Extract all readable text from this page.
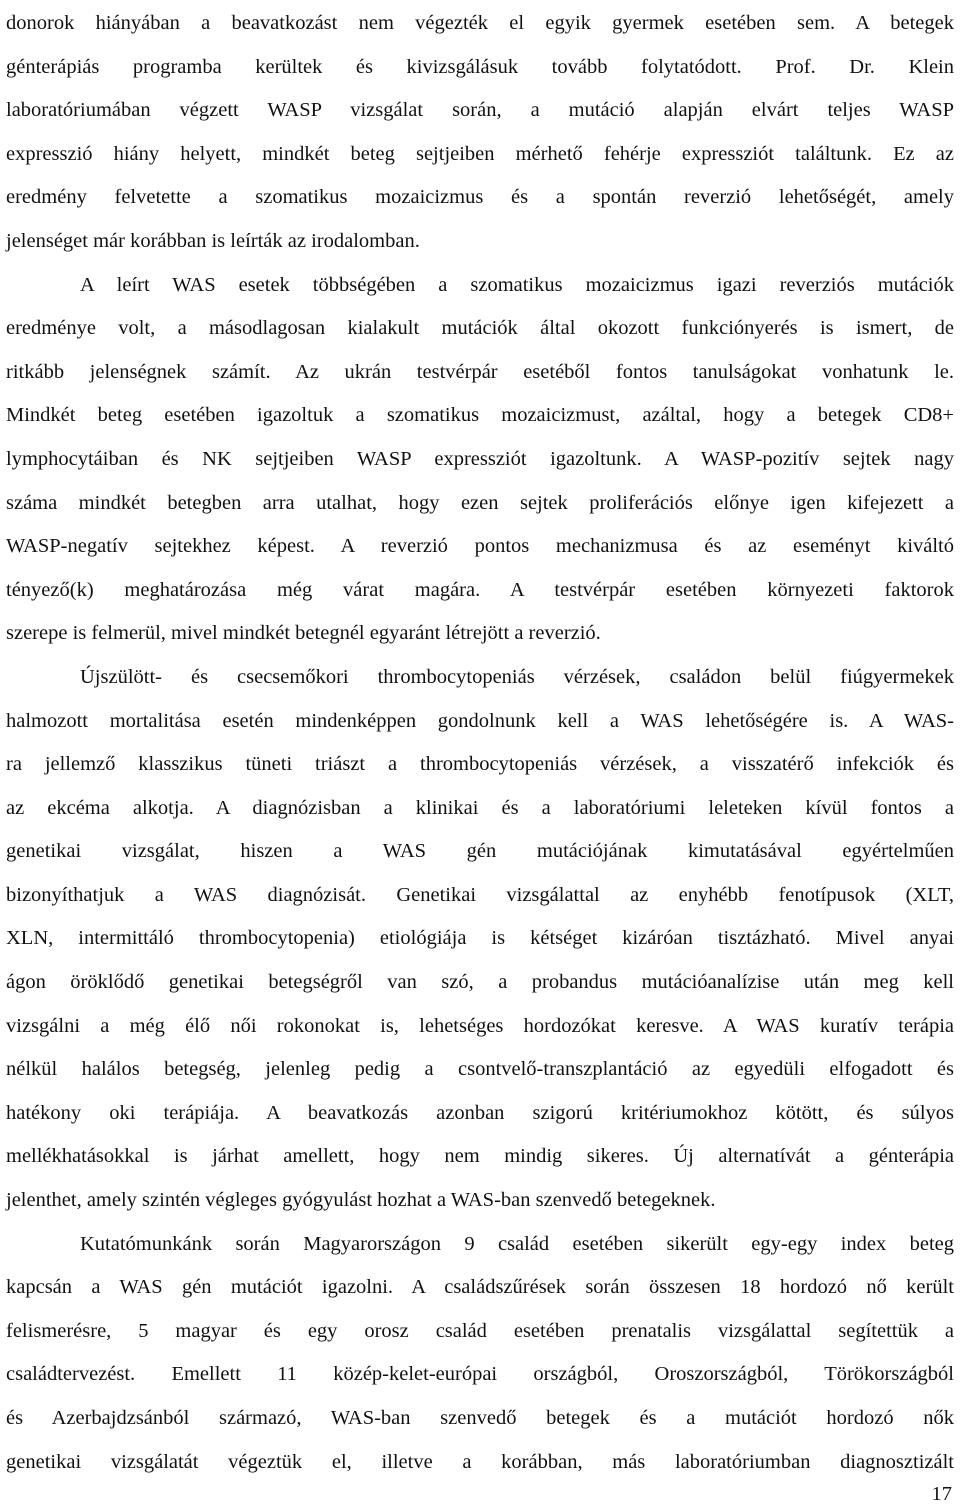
donorok hiányában a beavatkozást nem végezték el egyik gyermek esetében sem. A betegek
génterápiás programba kerültek és kivizsgálásuk tovább folytatódott. Prof. Dr. Klein
laboratóriumában végzett WASP vizsgálat során, a mutáció alapján elvárt teljes WASP
expresszió hiány helyett, mindkét beteg sejtjeiben mérhető fehérje expressziót találtunk. Ez az
eredmény felvetette a szomatikus mozaicizmus és a spontán reverzió lehetőségét, amely
jelenséget már korábban is leírták az irodalomban.
A leírt WAS esetek többségében a szomatikus mozaicizmus igazi reverziós mutációk
eredménye volt, a másodlagosan kialakult mutációk által okozott funkciónyerés is ismert, de
ritkább jelenségnek számít. Az ukrán testvérpár esetéből fontos tanulságokat vonhatunk le.
Mindkét beteg esetében igazoltuk a szomatikus mozaicizmust, azáltal, hogy a betegek CD8+
lymphocytáiban és NK sejtjeiben WASP expressziót igazoltunk. A WASP-pozitív sejtek nagy
száma mindkét betegben arra utalhat, hogy ezen sejtek proliferációs előnye igen kifejezett a
WASP-negatív sejtekhez képest. A reverzió pontos mechanizmusa és az eseményt kiváltó
tényező(k) meghatározása még várat magára. A testvérpár esetében környezeti faktorok
szerepe is felmerül, mivel mindkét betegnél egyaránt létrejött a reverzió.
Újszülött- és csecsemőkori thrombocytopeniás vérzések, családon belül fiúgyermekek
halmozott mortalitása esetén mindenképpen gondolnunk kell a WAS lehetőségére is. A WAS-
ra jellemző klasszikus tüneti triászt a thrombocytopeniás vérzések, a visszatérő infekciók és
az ekcéma alkotja. A diagnózisban a klinikai és a laboratóriumi leleteken kívül fontos a
genetikai vizsgálat, hiszen a WAS gén mutációjának kimutatásával egyértelműen
bizonyíthatjuk a WAS diagnózisát. Genetikai vizsgálattal az enyhébb fenotípusok (XLT,
XLN, intermittáló thrombocytopenia) etiológiája is kétséget kizáróan tisztázható. Mivel anyai
ágon öröklődő genetikai betegségről van szó, a probandus mutációanalízise után meg kell
vizsgálni a még élő női rokonokat is, lehetséges hordozókat keresve. A WAS kuratív terápia
nélkül halálos betegség, jelenleg pedig a csontvelő-transzplantáció az egyedüli elfogadott és
hatékony oki terápiája. A beavatkozás azonban szigorú kritériumokhoz kötött, és súlyos
mellékhatásokkal is járhat amellett, hogy nem mindig sikeres. Új alternatívát a génterápia
jelenthet, amely szintén végleges gyógyulást hozhat a WAS-ban szenvedő betegeknek.
Kutatómunkánk során Magyarországon 9 család esetében sikerült egy-egy index beteg
kapcsán a WAS gén mutációt igazolni. A családszűrések során összesen 18 hordozó nő került
felismerésre, 5 magyar és egy orosz család esetében prenatalis vizsgálattal segítettük a
családtervezést. Emellett 11 közép-kelet-európai országból, Oroszországból, Törökországból
és Azerbajdzsánból származó, WAS-ban szenvedő betegek és a mutációt hordozó nők
genetikai vizsgálatát végeztük el, illetve a korábban, más laboratóriumban diagnosztizált
17
